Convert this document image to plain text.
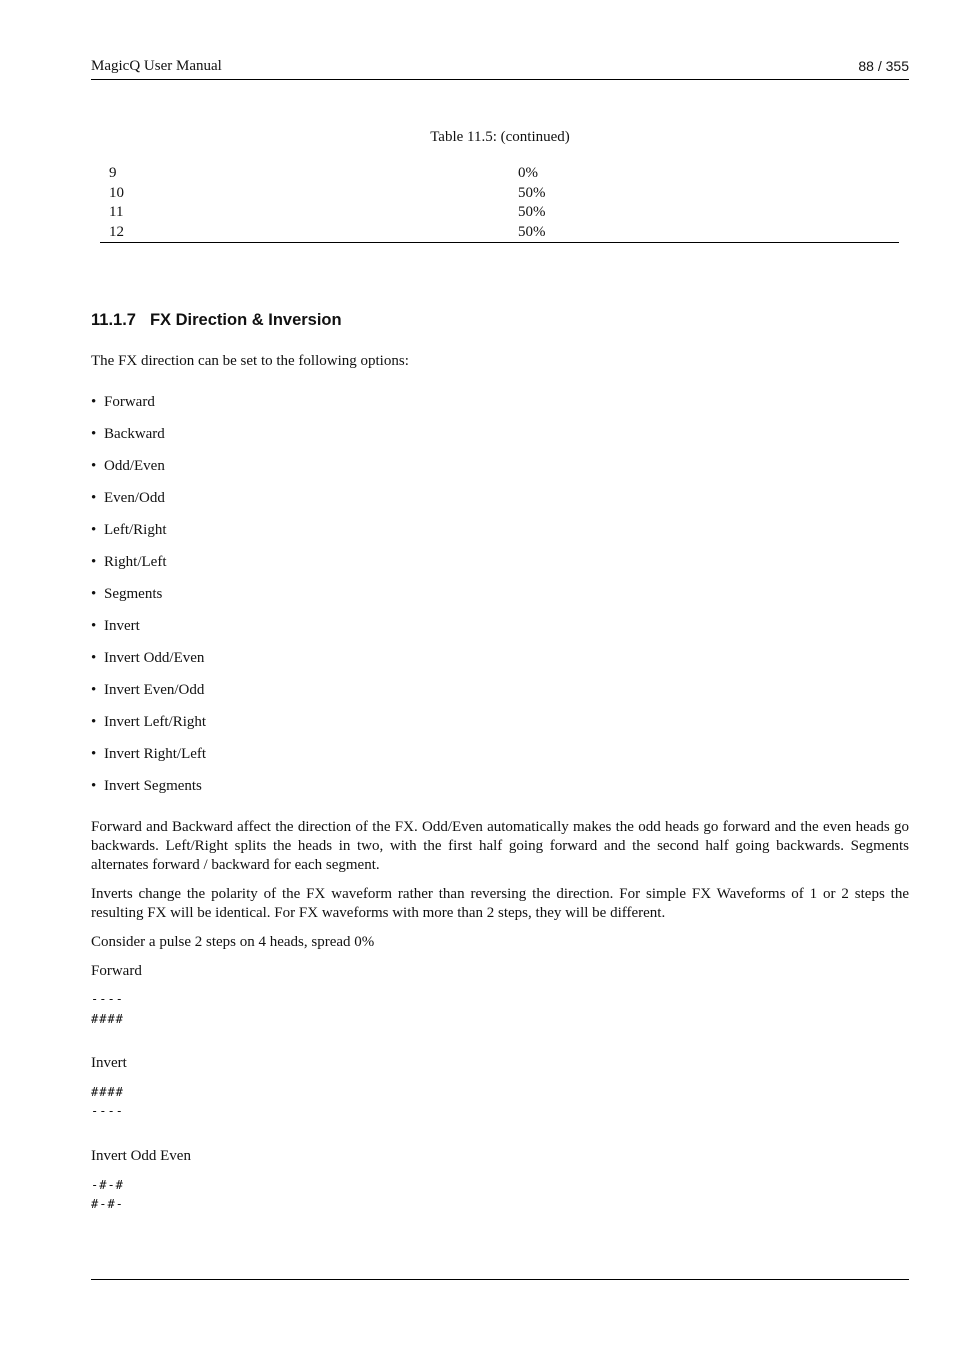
MagicQ User Manual	88 / 355
Table 11.5: (continued)
9	0%
10	50%
11	50%
12	50%
11.1.7 FX Direction & Inversion
The FX direction can be set to the following options:
• Forward
• Backward
• Odd/Even
• Even/Odd
• Left/Right
• Right/Left
• Segments
• Invert
• Invert Odd/Even
• Invert Even/Odd
• Invert Left/Right
• Invert Right/Left
• Invert Segments
Forward and Backward affect the direction of the FX. Odd/Even automatically makes the odd heads go forward and the even heads go backwards. Left/Right splits the heads in two, with the first half going forward and the second half going backwards. Segments alternates forward / backward for each segment.
Inverts change the polarity of the FX waveform rather than reversing the direction. For simple FX Waveforms of 1 or 2 steps the resulting FX will be identical. For FX waveforms with more than 2 steps, they will be different.
Consider a pulse 2 steps on 4 heads, spread 0%
Forward
----
####
Invert
####
----
Invert Odd Even
-#-#
#-#-
